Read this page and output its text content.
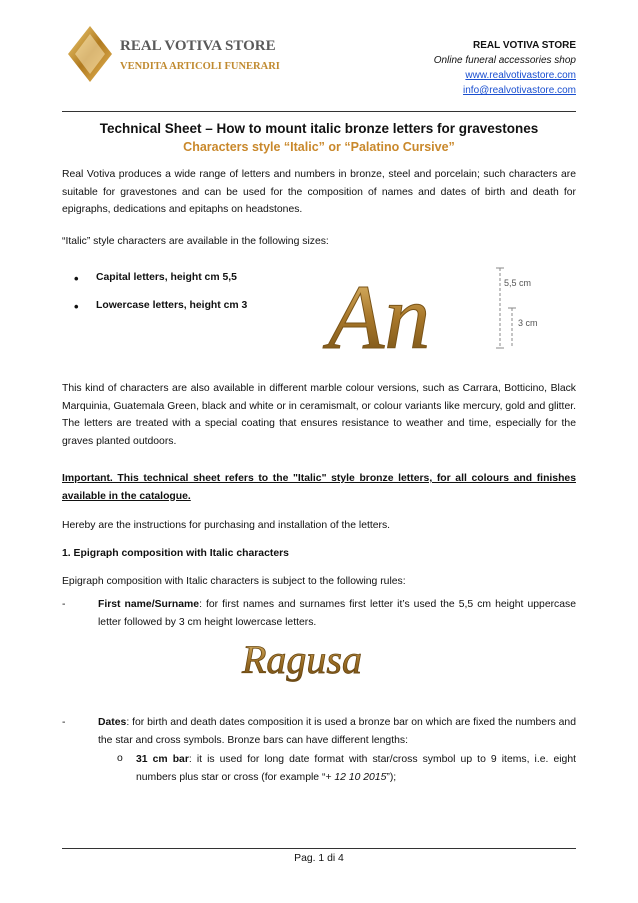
REAL VOTIVA STORE
VENDITA ARTICOLI FUNERARI
REAL VOTIVA STORE
Online funeral accessories shop
www.realvotivastore.com
info@realvotivastore.com
Technical Sheet – How to mount italic bronze letters for gravestones
Characters style “Italic” or “Palatino Cursive”
Real Votiva produces a wide range of letters and numbers in bronze, steel and porcelain; such characters are suitable for gravestones and can be used for the composition of names and dates of birth and death for epigraphs, dedications and epitaphs on headstones.
“Italic” style characters are available in the following sizes:
• Capital letters, height cm 5,5
• Lowercase letters, height cm 3 An	5,5 cm
3 cm
This kind of characters are also available in different marble colour versions, such as Carrara, Botticino, Black Marquinia, Guatemala Green, black and white or in ceramismalt, or colour variants like mercury, gold and glitter. The letters are treated with a special coating that ensures resistance to weather and time, especially for the graves planted outdoors.
Important. This technical sheet refers to the "Italic" style bronze letters, for all colours and finishes available in the catalogue.
Hereby are the instructions for purchasing and installation of the letters.
1. Epigraph composition with Italic characters
Epigraph composition with Italic characters is subject to the following rules:
-	First name/Surname: for first names and surnames first letter it’s used the 5,5 cm height uppercase letter followed by 3 cm height lowercase letters.
Ragusa
-	Dates: for birth and death dates composition it is used a bronze bar on which are fixed the numbers and the star and cross symbols. Bronze bars can have different lengths:
o 31 cm bar: it is used for long date format with star/cross symbol up to 9 items, i.e. eight numbers plus star or cross (for example “+ 12 10 2015”);
Pag. 1 di 4
